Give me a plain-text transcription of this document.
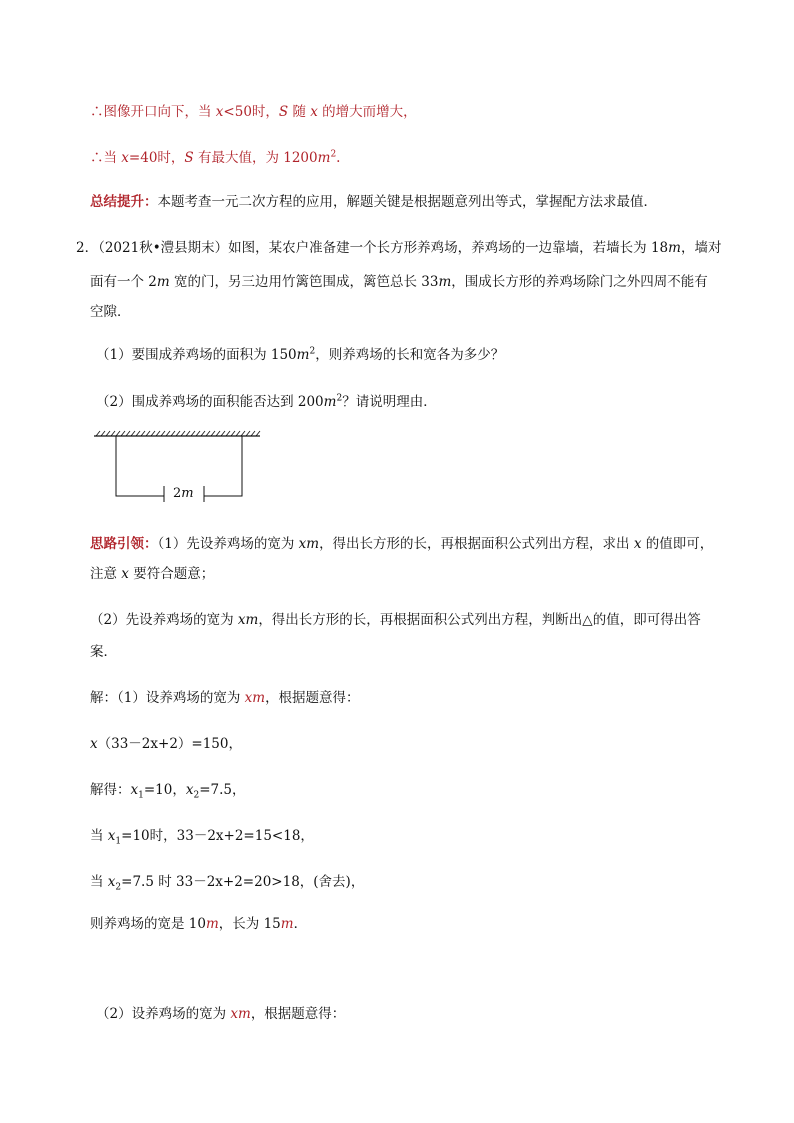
∴图像开口向下，当 x<50时，S 随 x 的增大而增大，
∴当 x=40时，S 有最大值，为 $1200m^2$.
总结提升：本题考查一元二次方程的应用，解题关键是根据题意列出等式，掌握配方法求最值．
2．（2021秋•澧县期末）如图，某农户准备建一个长方形养鸡场，养鸡场的一边靠墙，若墙长为 18m，墙对
面有一个 2m 宽的门，另三边用竹篱笆围成，篱笆总长 33m，围成长方形的养鸡场除门之外四周不能有
空隙．
（1）要围成养鸡场的面积为 $150m^2$，则养鸡场的长和宽各为多少？
（2）围成养鸡场的面积能否达到 $200m^2$？请说明理由．
2m
思路引领：（1）先设养鸡场的宽为 xm，得出长方形的长，再根据面积公式列出方程，求出 x 的值即可，
注意 x 要符合题意；
（2）先设养鸡场的宽为 xm，得出长方形的长，再根据面积公式列出方程，判断出△的值，即可得出答
案．
解：（1）设养鸡场的宽为 xm，根据题意得：
x（33－2x+2）=150，
解得：$x_1=10$，$x_2=7.5$，
当 $x_1=10$时，33－2x+2=15<18，
当 $x_2=7.5$ 时 33－2x+2=20>18，(舍去)，
则养鸡场的宽是 10m，长为 15m．
（2）设养鸡场的宽为 xm，根据题意得：
